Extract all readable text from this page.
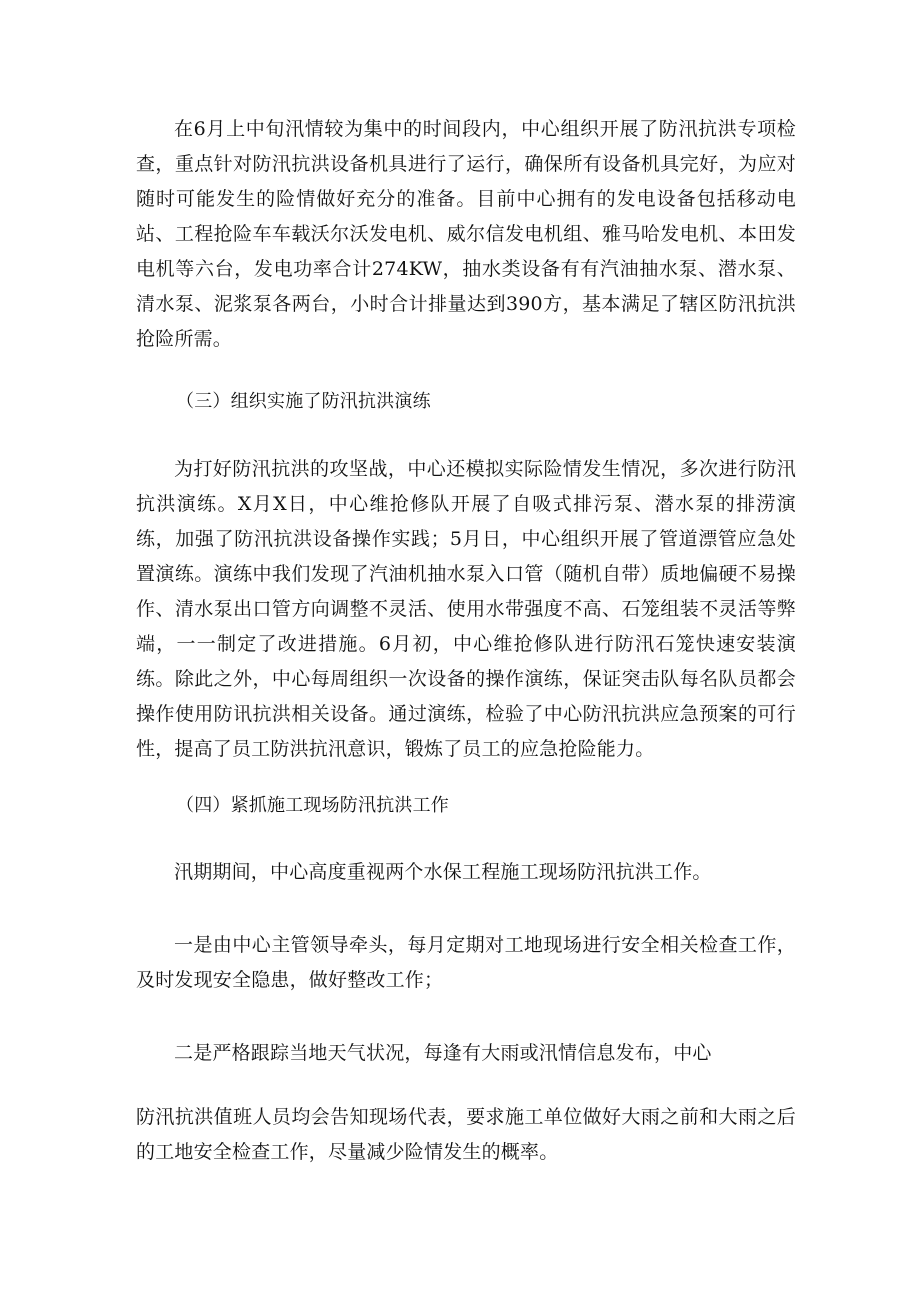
在6月上中旬汛情较为集中的时间段内，中心组织开展了防汛抗洪专项检查，重点针对防汛抗洪设备机具进行了运行，确保所有设备机具完好，为应对随时可能发生的险情做好充分的准备。目前中心拥有的发电设备包括移动电站、工程抢险车车载沃尔沃发电机、威尔信发电机组、雅马哈发电机、本田发电机等六台，发电功率合计274KW，抽水类设备有有汽油抽水泵、潜水泵、清水泵、泥浆泵各两台，小时合计排量达到390方，基本满足了辖区防汛抗洪抢险所需。

（三）组织实施了防汛抗洪演练

为打好防汛抗洪的攻坚战，中心还模拟实际险情发生情况，多次进行防汛抗洪演练。X月X日，中心维抢修队开展了自吸式排污泵、潜水泵的排涝演练，加强了防汛抗洪设备操作实践；5月日，中心组织开展了管道漂管应急处置演练。演练中我们发现了汽油机抽水泵入口管（随机自带）质地偏硬不易操作、清水泵出口管方向调整不灵活、使用水带强度不高、石笼组装不灵活等弊端，一一制定了改进措施。6月初，中心维抢修队进行防汛石笼快速安装演练。除此之外，中心每周组织一次设备的操作演练，保证突击队每名队员都会操作使用防讯抗洪相关设备。通过演练，检验了中心防汛抗洪应急预案的可行性，提高了员工防洪抗汛意识，锻炼了员工的应急抢险能力。

（四）紧抓施工现场防汛抗洪工作

汛期期间，中心高度重视两个水保工程施工现场防汛抗洪工作。

一是由中心主管领导牵头，每月定期对工地现场进行安全相关检查工作，及时发现安全隐患，做好整改工作；

二是严格跟踪当地天气状况，每逢有大雨或汛情信息发布，中心

防汛抗洪值班人员均会告知现场代表，要求施工单位做好大雨之前和大雨之后的工地安全检查工作，尽量减少险情发生的概率。
